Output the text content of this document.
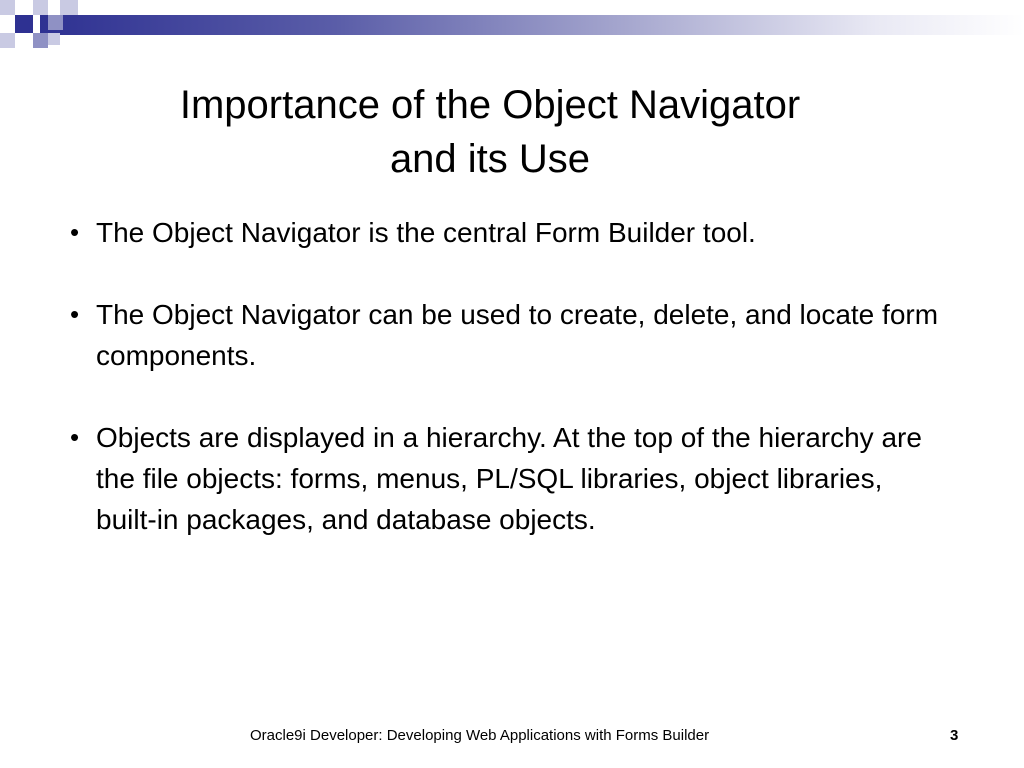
Importance of the Object Navigator
and its Use
• The Object Navigator is the central Form Builder tool.
• The Object Navigator can be used to create, delete, and locate form components.
• Objects are displayed in a hierarchy. At the top of the hierarchy are the file objects: forms, menus, PL/SQL libraries, object libraries, built-in packages, and database objects.
Oracle9i Developer: Developing Web Applications with Forms Builder	3
